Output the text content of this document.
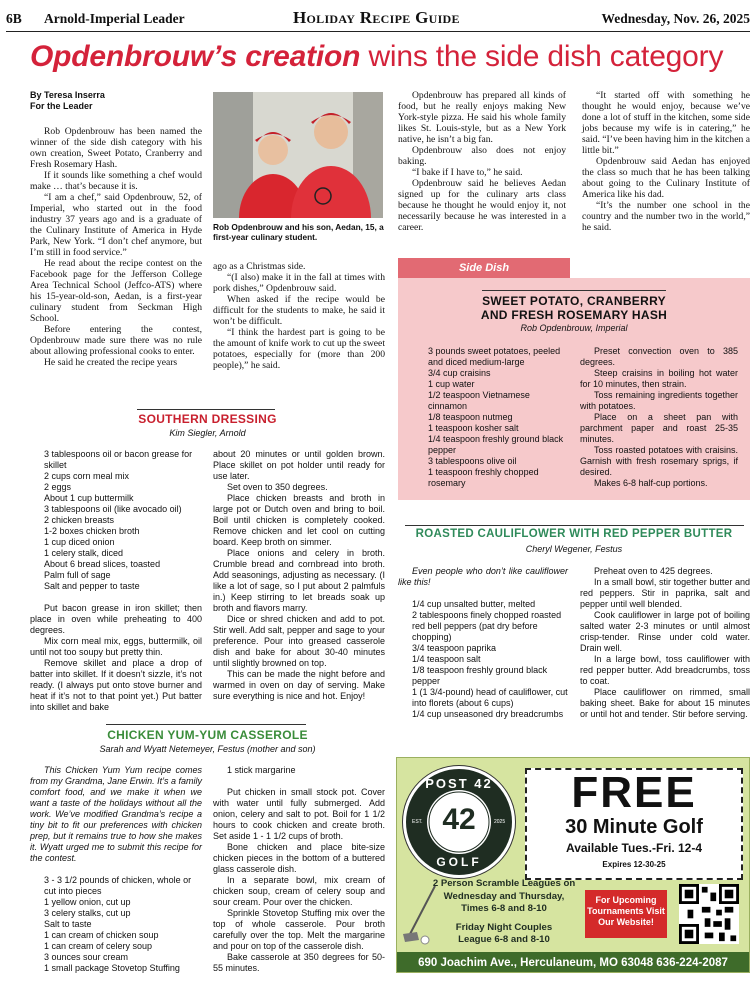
6B Arnold-Imperial Leader	Holiday Recipe Guide	Wednesday, Nov. 26, 2025
Opdenbrouw’s creation wins the side dish category
By Teresa Inserra
For the Leader

Rob Opdenbrouw has been named the winner of the side dish category with his own creation, Sweet Potato, Cranberry and Fresh Rosemary Hash.

If it sounds like something a chef would make … that’s because it is.

“I am a chef,” said Opdenbrouw, 52, of Imperial, who started out in the food industry 37 years ago and is a graduate of the Culinary Institute of America in Hyde Park, New York. “I don’t chef anymore, but I’m still in food service.”

He read about the recipe contest on the Facebook page for the Jefferson College Area Technical School (Jeffco-ATS) where his 15-year-old-son, Aedan, is a first-year culinary student from Seckman High School.

Before entering the contest, Opdenbrouw made sure there was no rule about allowing professional cooks to enter.

He said he created the recipe years

Rob Opdenbrouw and his son, Aedan, 15, a first-year culinary student.

ago as a Christmas side.

“(I also) make it in the fall at times with pork dishes,” Opdenbrouw said.

When asked if the recipe would be difficult for the students to make, he said it won’t be difficult.

“I think the hardest part is going to be the amount of knife work to cut up the sweet potatoes, especially for (more than 200 people),” he said.

Opdenbrouw has prepared all kinds of food, but he really enjoys making New York-style pizza. He said his whole family likes St. Louis-style, but as a New York native, he isn’t a big fan.

Opdenbrouw also does not enjoy baking.

“I bake if I have to,” he said.

Opdenbrouw said he believes Aedan signed up for the culinary arts class because he thought he would enjoy it, not necessarily because he was interested in a career.

“It started off with something he thought he would enjoy, because we’ve done a lot of stuff in the kitchen, some side jobs because my wife is in catering,” he said. “I’ve been having him in the kitchen a little bit.”

Opdenbrouw said Aedan has enjoyed the class so much that he has been talking about going to the Culinary Institute of America like his dad.

“It’s the number one school in the country and the number two in the world,” he said.

Side Dish
SWEET POTATO, CRANBERRY
AND FRESH ROSEMARY HASH
Rob Opdenbrouw, Imperial

3 pounds sweet potatoes, peeled and diced medium-large

3/4 cup craisins

1 cup water

1/2 teaspoon Vietnamese cinnamon

1/8 teaspoon nutmeg

1 teaspoon kosher salt

1/4 teaspoon freshly ground black pepper

3 tablespoons olive oil

1 teaspoon freshly chopped rosemary

Preset convection oven to 385 degrees.

Steep craisins in boiling hot water for 10 minutes, then strain.

Toss remaining ingredients together with potatoes.

Place on a sheet pan with parchment paper and roast 25-35 minutes.

Toss roasted potatoes with craisins. Garnish with fresh rosemary sprigs, if desired.

Makes 6-8 half-cup portions.

SOUTHERN DRESSING
Kim Siegler, Arnold

3 tablespoons oil or bacon grease for skillet

2 cups corn meal mix

2 eggs

About 1 cup buttermilk

3 tablespoons oil (like avocado oil)

2 chicken breasts

1-2 boxes chicken broth

1 cup diced onion

1 celery stalk, diced

About 6 bread slices, toasted

Palm full of sage

Salt and pepper to taste

Put bacon grease in iron skillet; then place in oven while preheating to 400 degrees.

Mix corn meal mix, eggs, buttermilk, oil until not too soupy but pretty thin.

Remove skillet and place a drop of batter into skillet. If it doesn’t sizzle, it’s not ready. (I always put onto stove burner and heat if it’s not to that point yet.) Put batter into skillet and bake

about 20 minutes or until golden brown. Place skillet on pot holder until ready for use later.

Set oven to 350 degrees.

Place chicken breasts and broth in large pot or Dutch oven and bring to boil. Boil until chicken is completely cooked. Remove chicken and let cool on cutting board. Keep broth on simmer.

Place onions and celery in broth. Crumble bread and cornbread into broth. Add seasonings, adjusting as necessary. (I like a lot of sage, so I put about 2 palmfuls in.) Keep stirring to let breads soak up broth and flavors marry.

Dice or shred chicken and add to pot. Stir well. Add salt, pepper and sage to your preference. Pour into greased casserole dish and bake for about 30-40 minutes until slightly browned on top.

This can be made the night before and warmed in oven on day of serving. Make sure everything is nice and hot. Enjoy!

CHICKEN YUM-YUM CASSEROLE
Sarah and Wyatt Netemeyer, Festus (mother and son)

This Chicken Yum Yum recipe comes from my Grandma, Jane Erwin. It’s a family comfort food, and we make it when we want a taste of the holidays without all the work. We’ve modified Grandma’s recipe a tiny bit to fit our preferences with chicken prep, but it remains true to how she makes it. Wyatt urged me to submit this recipe for the contest.

3 - 3 1/2 pounds of chicken, whole or cut into pieces

1 yellow onion, cut up

3 celery stalks, cut up

Salt to taste

1 can cream of chicken soup

1 can cream of celery soup

3 ounces sour cream

1 small package Stovetop Stuffing

1 stick margarine

Put chicken in small stock pot. Cover with water until fully submerged. Add onion, celery and salt to pot. Boil for 1 1/2 hours to cook chicken and create broth. Set aside 1 - 1 1/2 cups of broth.

Bone chicken and place bite-size chicken pieces in the bottom of a buttered glass casserole dish.

In a separate bowl, mix cream of chicken soup, cream of celery soup and sour cream. Pour over the chicken.

Sprinkle Stovetop Stuffing mix over the top of whole casserole. Pour broth carefully over the top. Melt the margarine and pour on top of the casserole dish.

Bake casserole at 350 degrees for 50-55 minutes.

ROASTED CAULIFLOWER WITH RED PEPPER BUTTER
Cheryl Wegener, Festus

Even people who don’t like cauliflower like this!

1/4 cup unsalted butter, melted

2 tablespoons finely chopped roasted red bell peppers (pat dry before chopping)

3/4 teaspoon paprika

1/4 teaspoon salt

1/8 teaspoon freshly ground black pepper

1 (1 3/4-pound) head of cauliflower, cut into florets (about 6 cups)

1/4 cup unseasoned dry breadcrumbs

Preheat oven to 425 degrees.

In a small bowl, stir together butter and red peppers. Stir in paprika, salt and pepper until well blended.

Cook cauliflower in large pot of boiling salted water 2-3 minutes or until almost crisp-tender. Rinse under cold water. Drain well.

In a large bowl, toss cauliflower with red pepper butter. Add breadcrumbs, toss to coat.

Place cauliflower on rimmed, small baking sheet. Bake for about 15 minutes or until hot and tender. Stir before serving.

POST 42
42
EST.	2025
GOLF
FREE
30 Minute Golf
Available Tues.-Fri. 12-4
Expires 12-30-25
2 Person Scramble Leagues on
Wednesday and Thursday,
Times 6-8 and 8-10
Friday Night Couples
League 6-8 and 8-10
For Upcoming Tournaments Visit Our Website!
690 Joachim Ave., Herculaneum, MO 63048 636-224-2087
